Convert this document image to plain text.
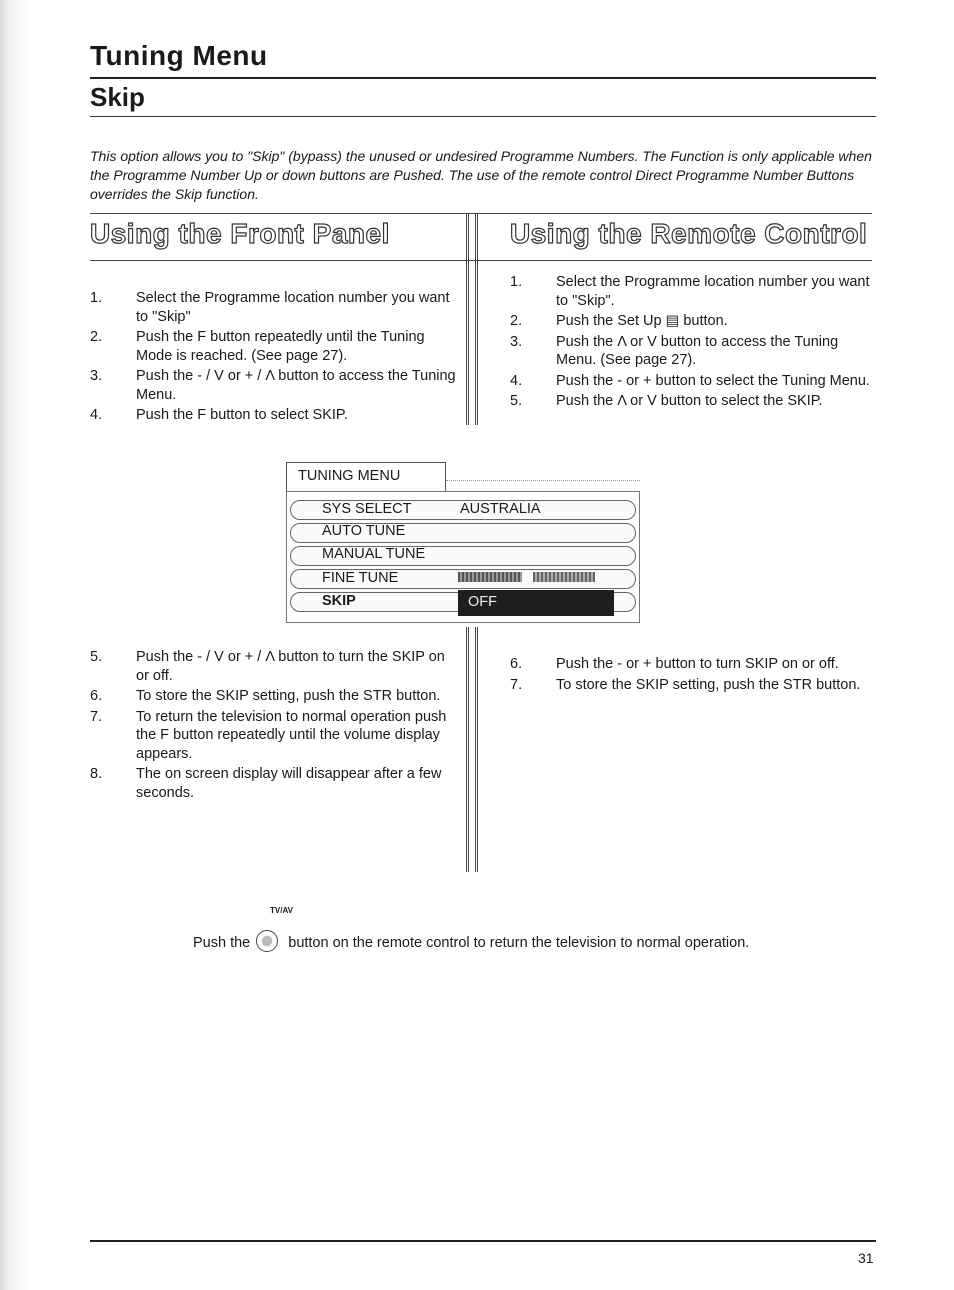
Tuning Menu
Skip

This option allows you to "Skip" (bypass) the unused or undesired Programme Numbers. The Function is only applicable when the Programme Number Up or down buttons are Pushed. The use of the remote control Direct Programme Number Buttons overrides the Skip function.

Using the Front Panel	Using the Remote Control
1. Select the Programme location number you want to "Skip"
2. Push the F button repeatedly until the Tuning Mode is reached. (See page 27).
3. Push the - / V or + / Λ button to access the Tuning Menu.
4. Push the F button to select SKIP.
1. Select the Programme location number you want to "Skip".
2. Push the Set Up ▤ button.
3. Push the Λ or V button to access the Tuning Menu. (See page 27).
4. Push the - or + button to select the Tuning Menu.
5. Push the Λ or V button to select the SKIP.
TUNING MENU
SYS SELECT	AUSTRALIA
AUTO TUNE
MANUAL TUNE
FINE TUNE
SKIP	OFF
5. Push the - / V or + / Λ button to turn the SKIP on or off.
6. To store the SKIP setting, push the STR button.
7. To return the television to normal operation push the F button repeatedly until the volume display appears.
8. The on screen display will disappear after a few seconds.
6. Push the - or + button to turn SKIP on or off.
7. To store the SKIP setting, push the STR button.
TV/AV
Push the	button on the remote control to return the television to normal operation.
31
